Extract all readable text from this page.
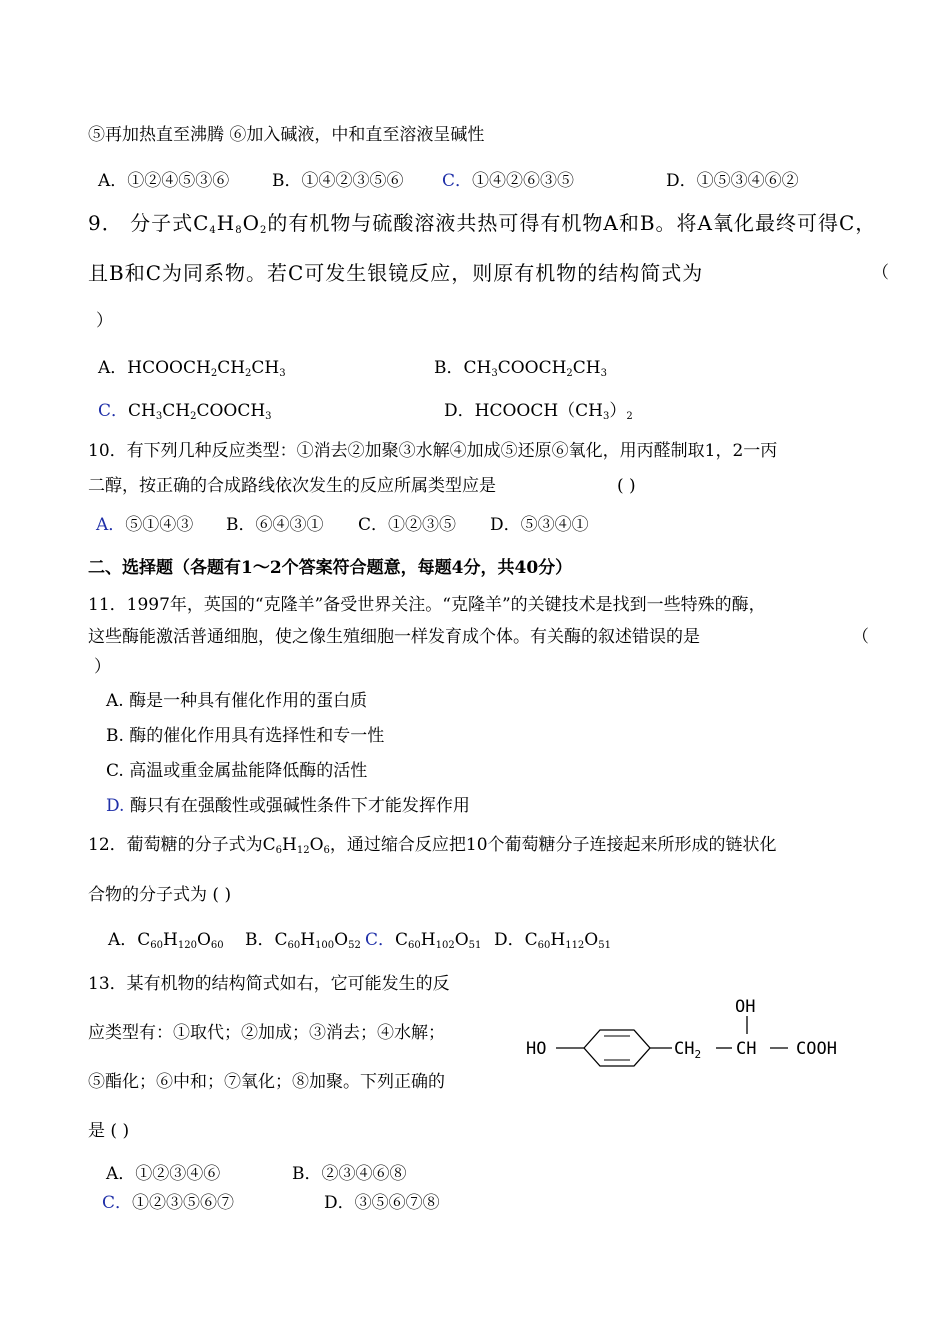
⑤再加热直至沸腾 ⑥加入碱液，中和直至溶液呈碱性
A．①②④⑤③⑥	B．①④②③⑤⑥ C．①④②⑥③⑤	D．①⑤③④⑥②
9． 分子式$C_4H_8O_2$的有机物与硫酸溶液共热可得有机物A和B。将A氧化最终可得C，
且B和C为同系物。若C可发生银镜反应，则原有机物的结构简式为	（
）
A．$HCOOCH_2CH_2CH_3$	B．$CH_3COOCH_2CH_3$
C．$CH_3CH_2COOCH_3$	D．$HCOOCH(CH_3)_2$
10．有下列几种反应类型：①消去②加聚③水解④加成⑤还原⑥氧化，用丙醛制取1，2一丙
二醇，按正确的合成路线依次发生的反应所属类型应是	( )
A．⑤①④③ B．⑥④③① C．①②③⑤ D．⑤③④①
二、选择题（各题有1～2个答案符合题意，每题4分，共40分）
11．1997年，英国的“克隆羊”备受世界关注。“克隆羊”的关键技术是找到一些特殊的酶，
这些酶能激活普通细胞，使之像生殖细胞一样发育成个体。有关酶的叙述错误的是	（
）
A. 酶是一种具有催化作用的蛋白质
B. 酶的催化作用具有选择性和专一性
C. 高温或重金属盐能降低酶的活性
D. 酶只有在强酸性或强碱性条件下才能发挥作用
12．葡萄糖的分子式为$C_6H_{12}O_6$，通过缩合反应把10个葡萄糖分子连接起来所形成的链状化
合物的分子式为 ( )
A．$C_{60}H_{120}O_{60}$ B．$C_{60}H_{100}O_{52}$ C．$C_{60}H_{102}O_{51}$ D．$C_{60}H_{112}O_{51}$
13．某有机物的结构简式如右，它可能发生的反
应类型有：①取代；②加成；③消去；④水解；
⑤酯化；⑥中和；⑦氧化；⑧加聚。下列正确的
是 ( )
A．①②③④⑥	B．②③④⑥⑧
C．①②③⑤⑥⑦	D．③⑤⑥⑦⑧
HO	$CH_2$ CH
OH
COOH
